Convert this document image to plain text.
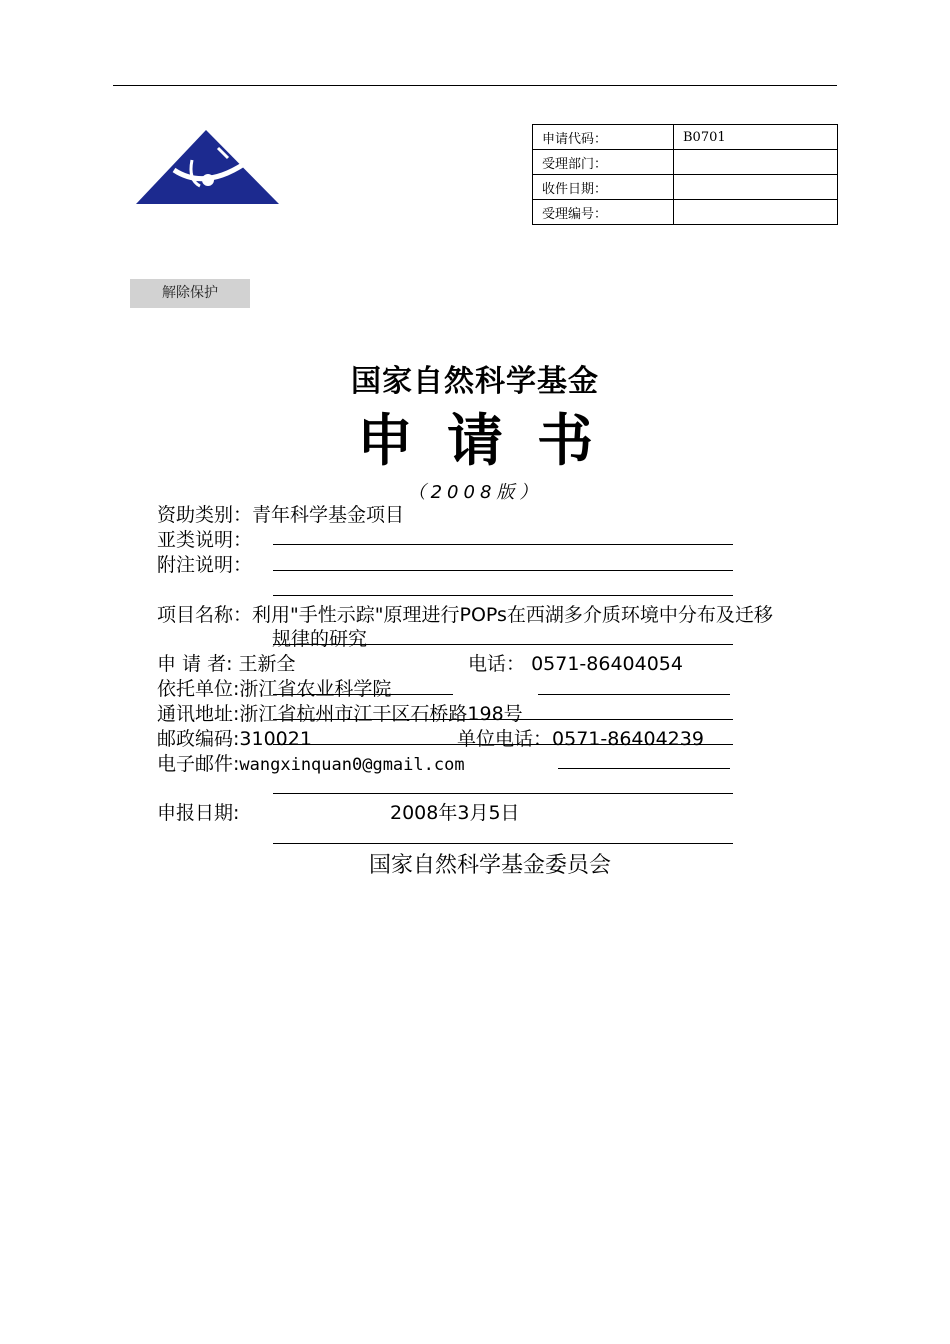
申请代码：	B0701
受理部门：	
收件日期：	
受理编号：	
解除保护
国家自然科学基金
申请书
（2008版）
资助类别：青年科学基金项目
亚类说明：
附注说明：
项目名称：利用"手性示踪"原理进行POPs在西湖多介质环境中分布及迁移
规律的研究
申 请 者: 王新全	电话： 0571-86404054
依托单位:浙江省农业科学院
通讯地址:浙江省杭州市江干区石桥路198号
邮政编码:310021	单位电话：0571-86404239
电子邮件:wangxinquan0@gmail.com
申报日期:	2008年3月5日
国家自然科学基金委员会
